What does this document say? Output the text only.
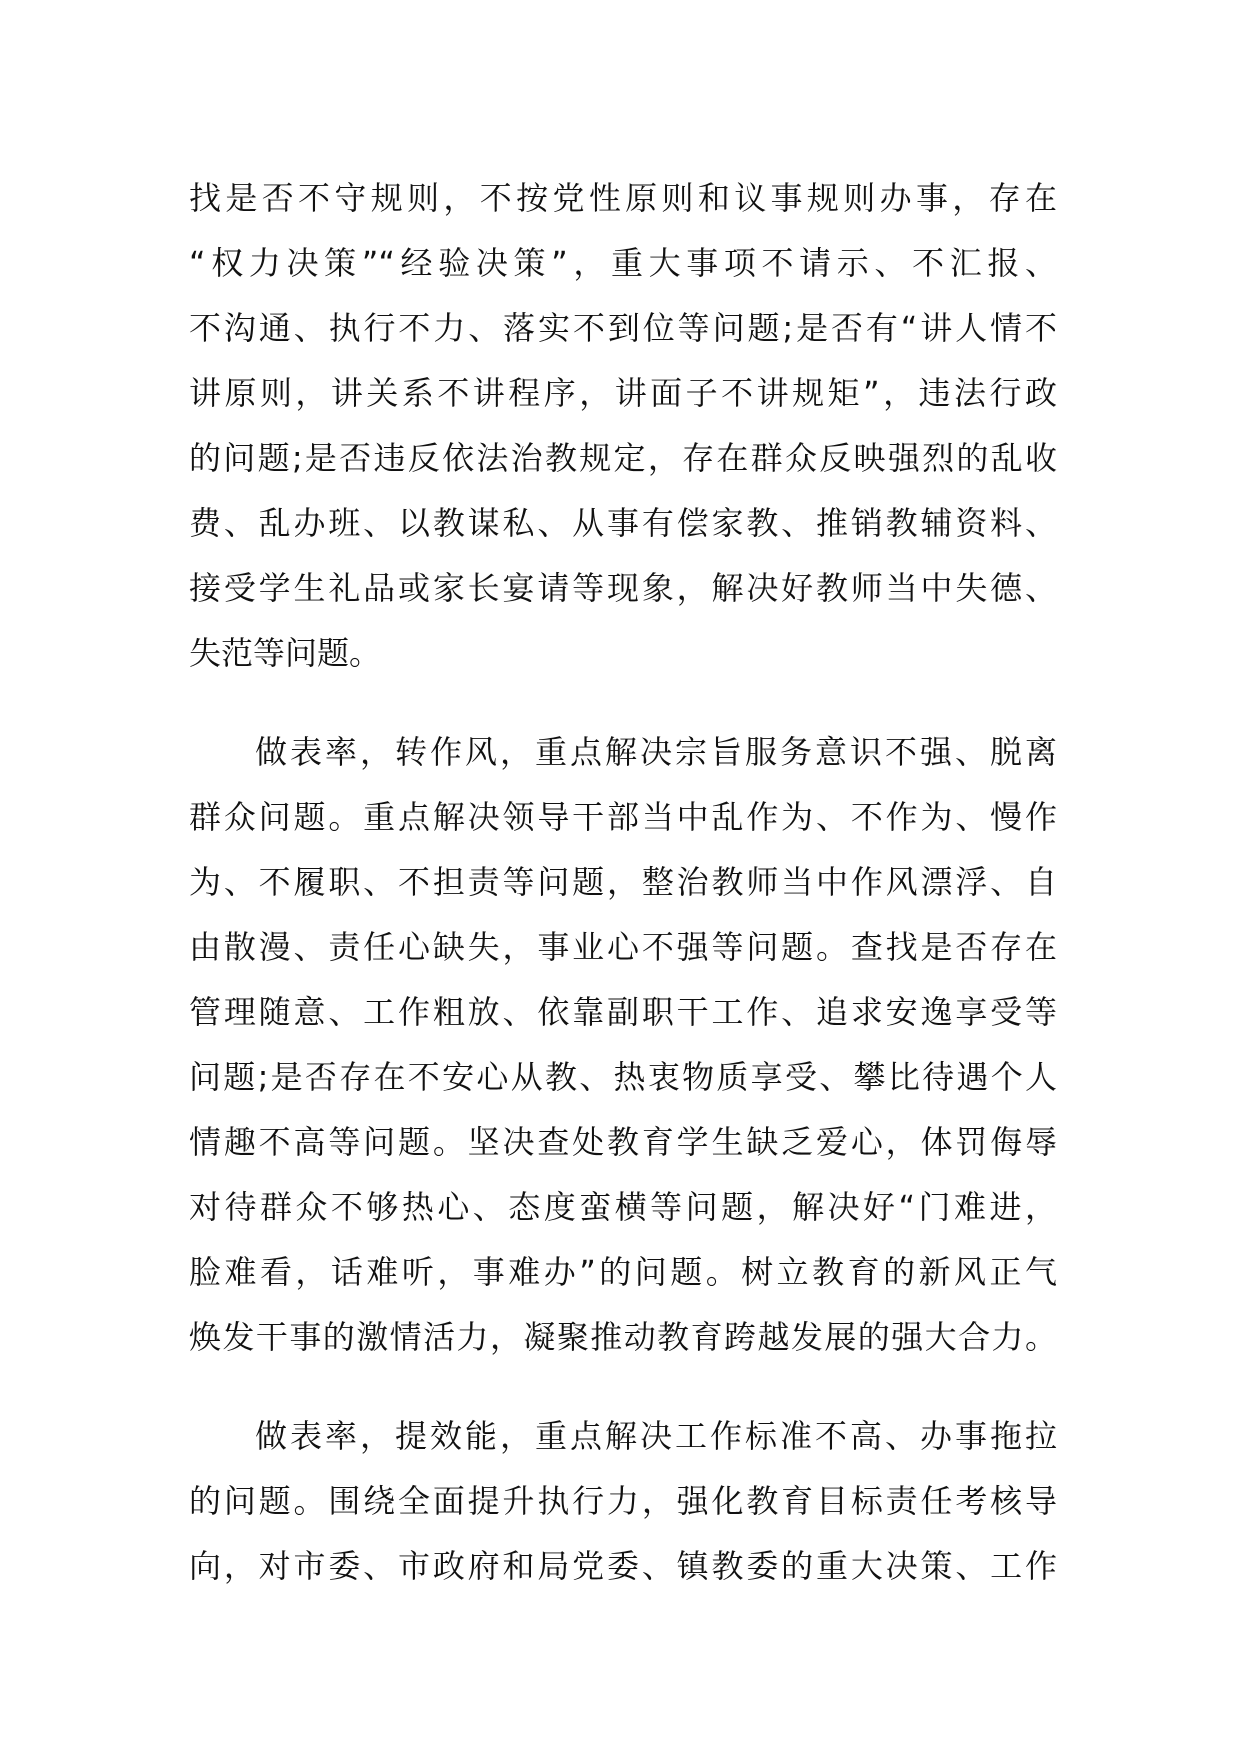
找是否不守规则，不按党性原则和议事规则办事，存在
“权力决策”“经验决策”，重大事项不请示、不汇报、
不沟通、执行不力、落实不到位等问题;是否有“讲人情不
讲原则，讲关系不讲程序，讲面子不讲规矩”，违法行政
的问题;是否违反依法治教规定，存在群众反映强烈的乱收
费、乱办班、以教谋私、从事有偿家教、推销教辅资料、
接受学生礼品或家长宴请等现象，解决好教师当中失德、
失范等问题。
做表率，转作风，重点解决宗旨服务意识不强、脱离
群众问题。重点解决领导干部当中乱作为、不作为、慢作
为、不履职、不担责等问题，整治教师当中作风漂浮、自
由散漫、责任心缺失，事业心不强等问题。查找是否存在
管理随意、工作粗放、依靠副职干工作、追求安逸享受等
问题;是否存在不安心从教、热衷物质享受、攀比待遇个人
情趣不高等问题。坚决查处教育学生缺乏爱心，体罚侮辱
对待群众不够热心、态度蛮横等问题，解决好“门难进，
脸难看，话难听，事难办”的问题。树立教育的新风正气
焕发干事的激情活力，凝聚推动教育跨越发展的强大合力。
做表率，提效能，重点解决工作标准不高、办事拖拉
的问题。围绕全面提升执行力，强化教育目标责任考核导
向，对市委、市政府和局党委、镇教委的重大决策、工作
